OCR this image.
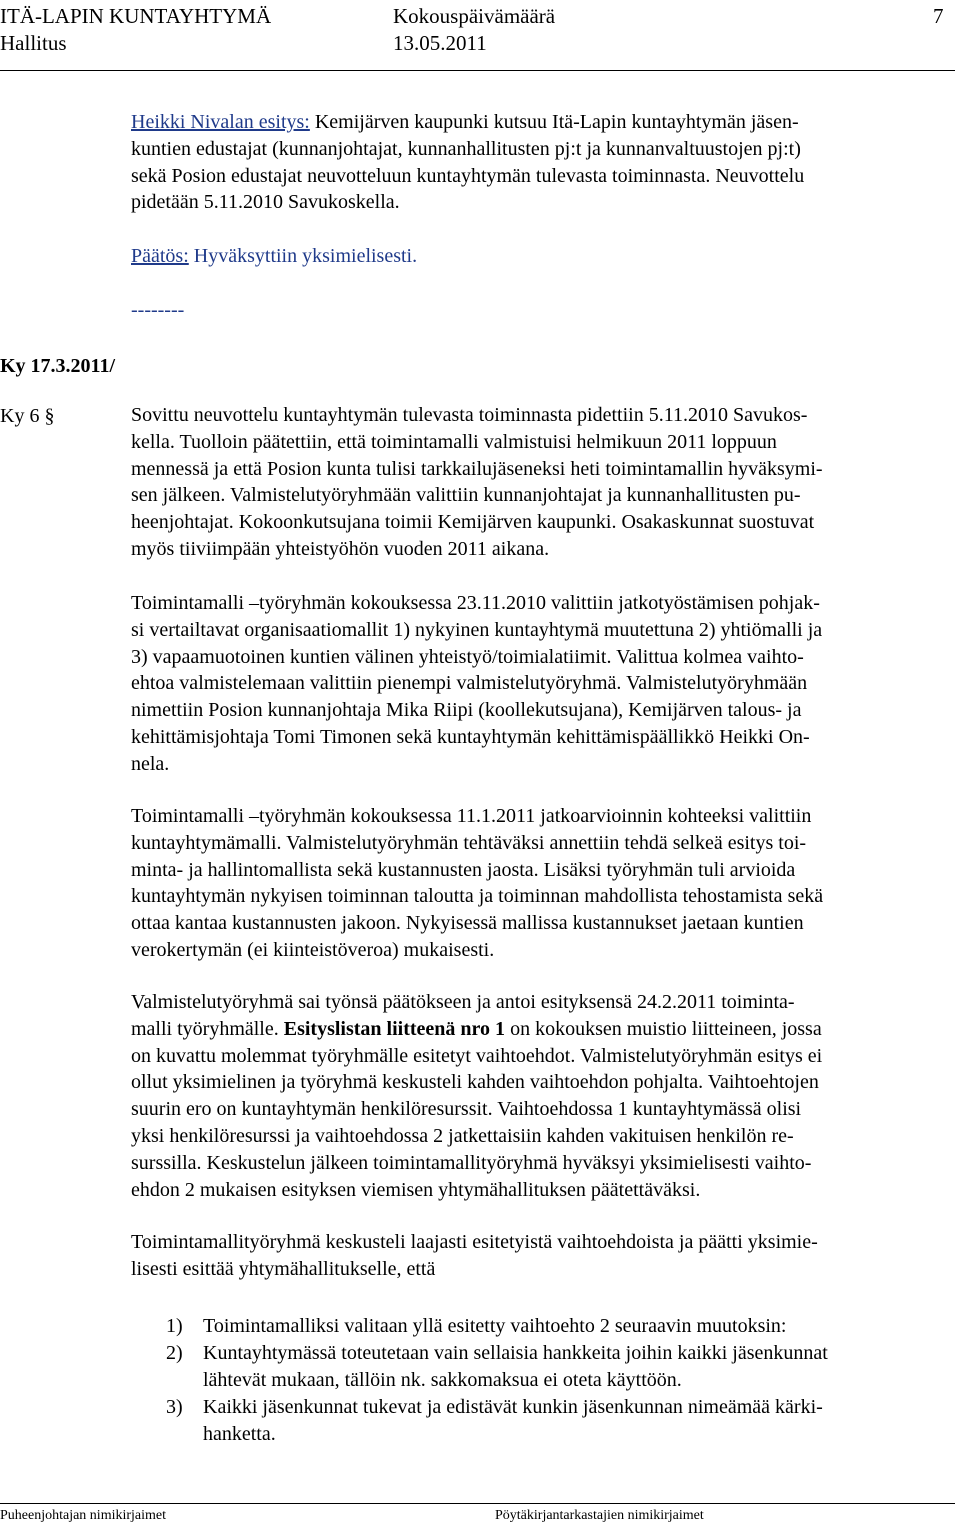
ITÄ-LAPIN KUNTAYHTYMÄ	Kokouspäivämäärä	7
Hallitus	13.05.2011

Heikki Nivalan esitys: Kemijärven kaupunki kutsuu Itä-Lapin kuntayhtymän jäsen-

kuntien edustajat (kunnanjohtajat, kunnanhallitusten pj:t ja kunnanvaltuustojen pj:t)

sekä Posion edustajat neuvotteluun kuntayhtymän tulevasta toiminnasta. Neuvottelu

pidetään 5.11.2010 Savukoskella.

Päätös: Hyväksyttiin yksimielisesti.

--------
Ky 17.3.2011/
Ky 6 §	Sovittu neuvottelu kuntayhtymän tulevasta toiminnasta pidettiin 5.11.2010 Savukos-

kella. Tuolloin päätettiin, että toimintamalli valmistuisi helmikuun 2011 loppuun

mennessä ja että Posion kunta tulisi tarkkailujäseneksi heti toimintamallin hyväksymi-

sen jälkeen. Valmistelutyöryhmään valittiin kunnanjohtajat ja kunnanhallitusten pu-

heenjohtajat. Kokoonkutsujana toimii Kemijärven kaupunki. Osakaskunnat suostuvat

myös tiiviimpään yhteistyöhön vuoden 2011 aikana.

Toimintamalli –työryhmän kokouksessa 23.11.2010 valittiin jatkotyöstämisen pohjak-

si vertailtavat organisaatiomallit 1) nykyinen kuntayhtymä muutettuna 2) yhtiömalli ja

3) vapaamuotoinen kuntien välinen yhteistyö/toimialatiimit. Valittua kolmea vaihto-

ehtoa valmistelemaan valittiin pienempi valmistelutyöryhmä. Valmistelutyöryhmään

nimettiin Posion kunnanjohtaja Mika Riipi (koollekutsujana), Kemijärven talous- ja

kehittämisjohtaja Tomi Timonen sekä kuntayhtymän kehittämispäällikkö Heikki On-

nela.

Toimintamalli –työryhmän kokouksessa 11.1.2011 jatkoarvioinnin kohteeksi valittiin

kuntayhtymämalli. Valmistelutyöryhmän tehtäväksi annettiin tehdä selkeä esitys toi-

minta- ja hallintomallista sekä kustannusten jaosta. Lisäksi työryhmän tuli arvioida

kuntayhtymän nykyisen toiminnan taloutta ja toiminnan mahdollista tehostamista sekä

ottaa kantaa kustannusten jakoon. Nykyisessä mallissa kustannukset jaetaan kuntien

verokertymän (ei kiinteistöveroa) mukaisesti.

Valmistelutyöryhmä sai työnsä päätökseen ja antoi esityksensä 24.2.2011 toiminta-

malli työryhmälle. Esityslistan liitteenä nro 1 on kokouksen muistio liitteineen, jossa

on kuvattu molemmat työryhmälle esitetyt vaihtoehdot. Valmistelutyöryhmän esitys ei

ollut yksimielinen ja työryhmä keskusteli kahden vaihtoehdon pohjalta. Vaihtoehtojen

suurin ero on kuntayhtymän henkilöresurssit. Vaihtoehdossa 1 kuntayhtymässä olisi

yksi henkilöresurssi ja vaihtoehdossa 2 jatkettaisiin kahden vakituisen henkilön re-

surssilla. Keskustelun jälkeen toimintamallityöryhmä hyväksyi yksimielisesti vaihto-

ehdon 2 mukaisen esityksen viemisen yhtymähallituksen päätettäväksi.

Toimintamallityöryhmä keskusteli laajasti esitetyistä vaihtoehdoista ja päätti yksimie-

lisesti esittää yhtymähallitukselle, että

1) Toimintamalliksi valitaan yllä esitetty vaihtoehto 2 seuraavin muutoksin:
2) Kuntayhtymässä toteutetaan vain sellaisia hankkeita joihin kaikki jäsenkunnat
lähtevät mukaan, tällöin nk. sakkomaksua ei oteta käyttöön.
3) Kaikki jäsenkunnat tukevat ja edistävät kunkin jäsenkunnan nimeämää kärki-
hanketta.
Puheenjohtajan nimikirjaimet	Pöytäkirjantarkastajien nimikirjaimet
